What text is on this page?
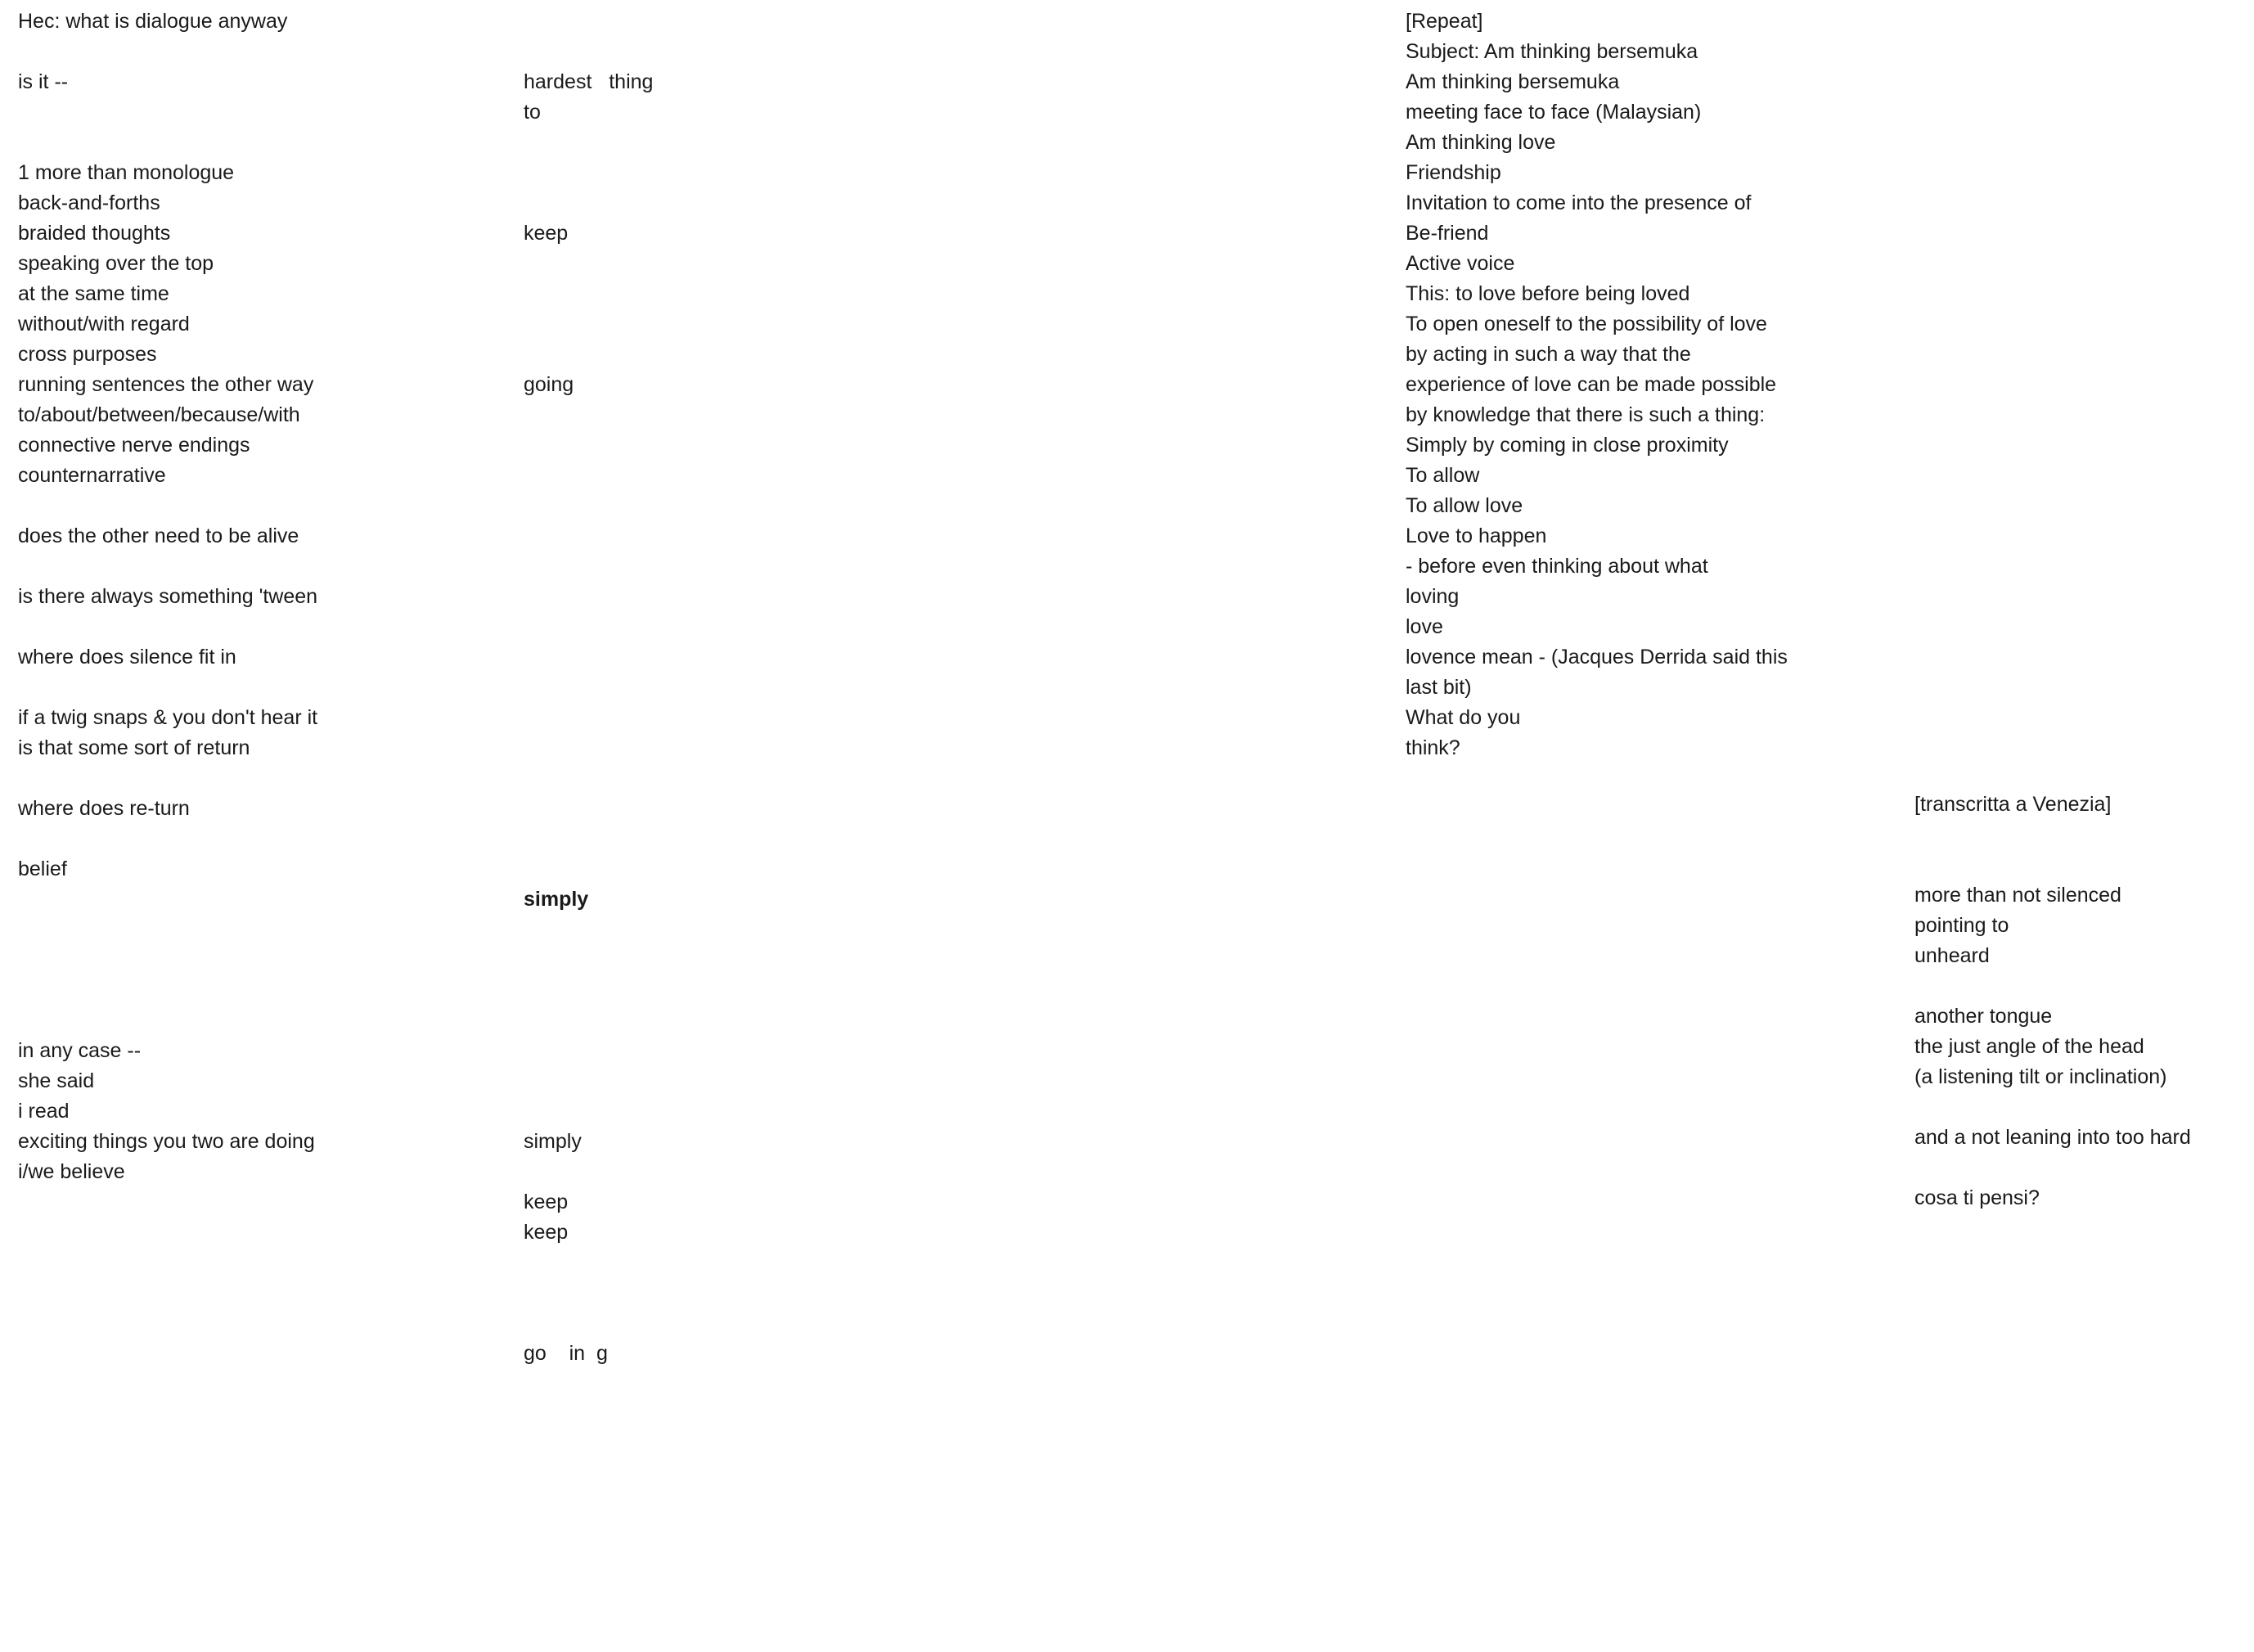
Hec: what is dialogue anyway

is it --

1 more than monologue
back-and-forths
braided thoughts
speaking over the top
at the same time
without/with regard
cross purposes
running sentences the other way
to/about/between/because/with
connective nerve endings
counternarrative

does the other need to be alive

is there always something 'tween

where does silence fit in

if a twig snaps & you don't hear it
is that some sort of return

where does re-turn

belief

in any case --
she said
i read
exciting things you two are doing
i/we believe

hardest   thing
to

keep

going

simply

simply

keep
keep

go    in  g
[Repeat]
Subject: Am thinking bersemuka
Am thinking bersemuka
meeting face to face (Malaysian)
Am thinking love
Friendship
Invitation to come into the presence of
Be-friend
Active voice
This: to love before being loved
To open oneself to the possibility of love
by acting in such a way that the
experience of love can be made possible
by knowledge that there is such a thing:
Simply by coming in close proximity
To allow
To allow love
Love to happen
- before even thinking about what
loving
love
lovence mean - (Jacques Derrida said this
last bit)
What do you
think?
[transcritta a Venezia]

more than not silenced
pointing to
unheard

another tongue
the just angle of the head
(a listening tilt or inclination)

and a not leaning into too hard

cosa ti pensi?
